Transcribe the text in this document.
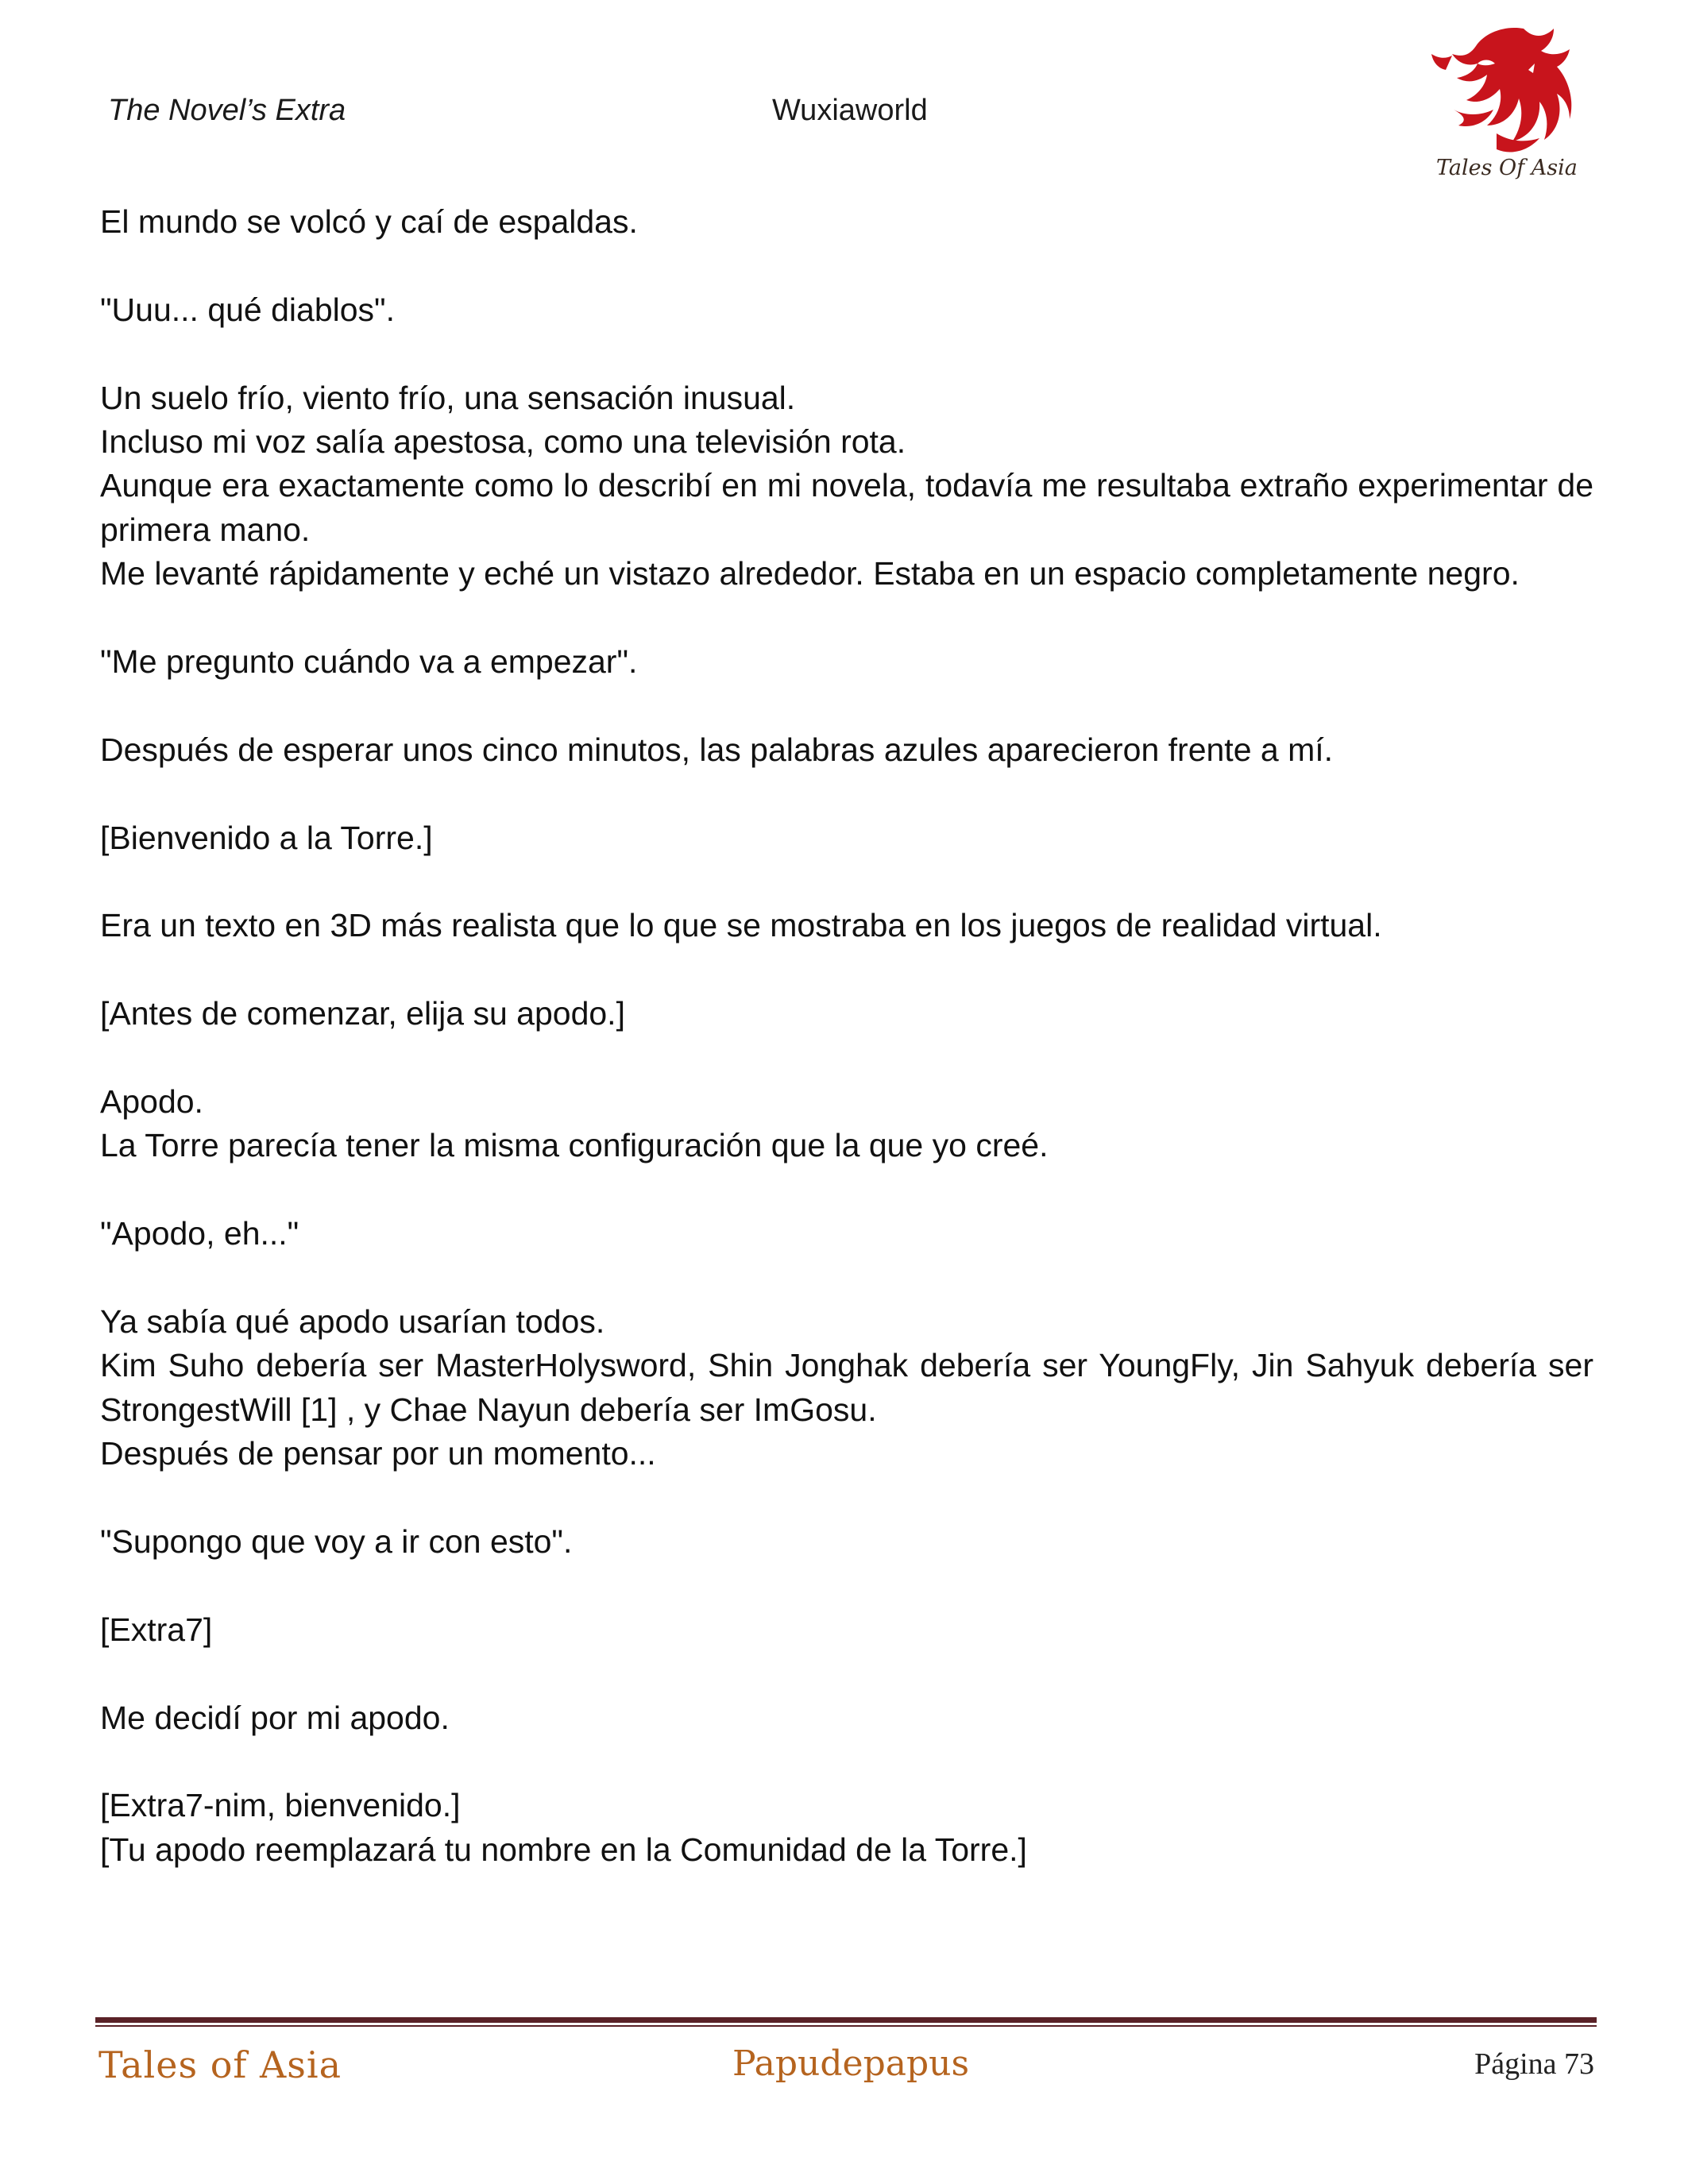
The Novel’s Extra	Wuxiaworld
Tales Of Asia

El mundo se volcó y caí de espaldas.

"Uuu... qué diablos".

Un suelo frío, viento frío, una sensación inusual.

Incluso mi voz salía apestosa, como una televisión rota.

Aunque era exactamente como lo describí en mi novela, todavía me resultaba extraño experimentar de primera mano.

Me levanté rápidamente y eché un vistazo alrededor. Estaba en un espacio completamente negro.

"Me pregunto cuándo va a empezar".

Después de esperar unos cinco minutos, las palabras azules aparecieron frente a mí.

[Bienvenido a la Torre.]

Era un texto en 3D más realista que lo que se mostraba en los juegos de realidad virtual.

[Antes de comenzar, elija su apodo.]

Apodo.

La Torre parecía tener la misma configuración que la que yo creé.

"Apodo, eh..."

Ya sabía qué apodo usarían todos.

Kim Suho debería ser MasterHolysword, Shin Jonghak debería ser YoungFly, Jin Sahyuk debería ser StrongestWill [1] , y Chae Nayun debería ser ImGosu.

Después de pensar por un momento...

"Supongo que voy a ir con esto".

[Extra7]

Me decidí por mi apodo.

[Extra7-nim, bienvenido.]

[Tu apodo reemplazará tu nombre en la Comunidad de la Torre.]

Tales of Asia	Papudepapus	Página 73
